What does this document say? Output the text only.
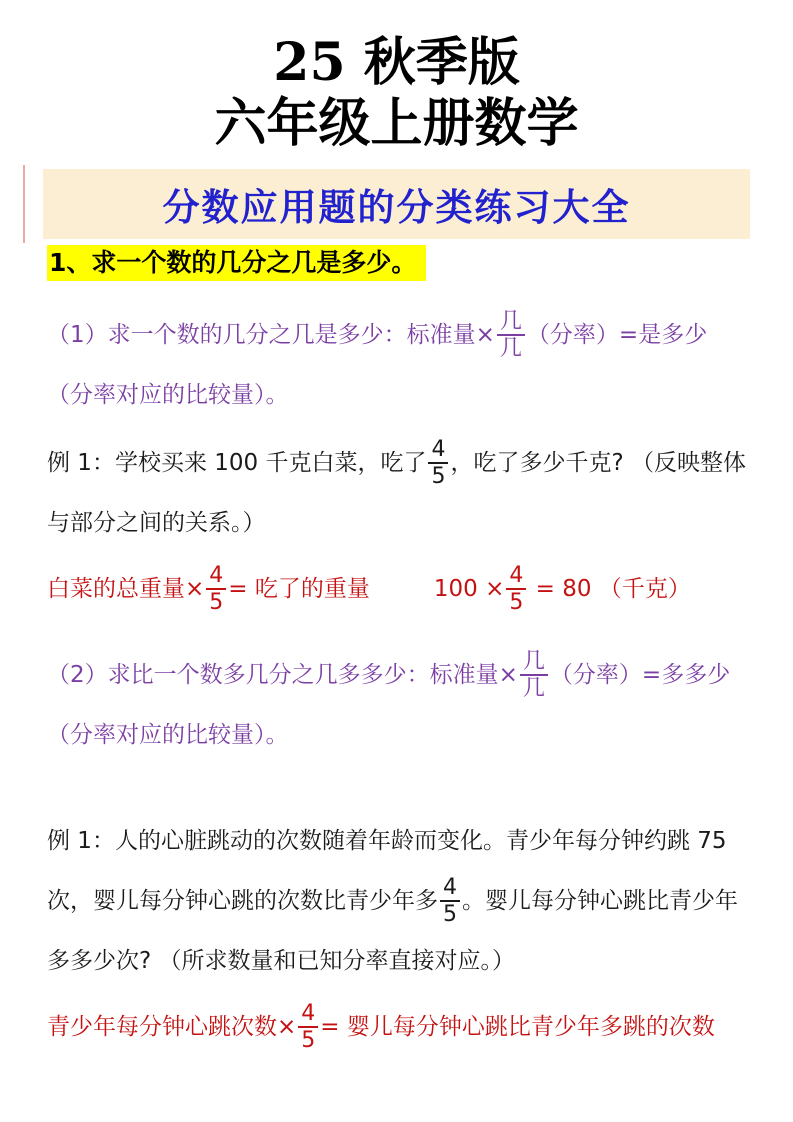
25 秋季版
六年级上册数学
分数应用题的分类练习大全
1、求一个数的几分之几是多少。

（1）求一个数的几分之几是多少：标准量× $\frac{\text{几}}{\text{几}}$ （分率）=是多少（分率对应的比较量）。

例 1：学校买来 100 千克白菜，吃了 $\frac{4}{5}$ ，吃了多少千克? （反映整体与部分之间的关系。）

白菜的总重量× $\frac{4}{5}$ = 吃了的重量	$100 \times \frac{4}{5} = 80$ （千克）

（2）求比一个数多几分之几多多少：标准量× $\frac{\text{几}}{\text{几}}$ （分率）=多多少（分率对应的比较量）。

例 1：人的心脏跳动的次数随着年龄而变化。青少年每分钟约跳 75 次，婴儿每分钟心跳的次数比青少年多 $\frac{4}{5}$ 。婴儿每分钟心跳比青少年多多少次? （所求数量和已知分率直接对应。）

青少年每分钟心跳次数× $\frac{4}{5}$ = 婴儿每分钟心跳比青少年多跳的次数
